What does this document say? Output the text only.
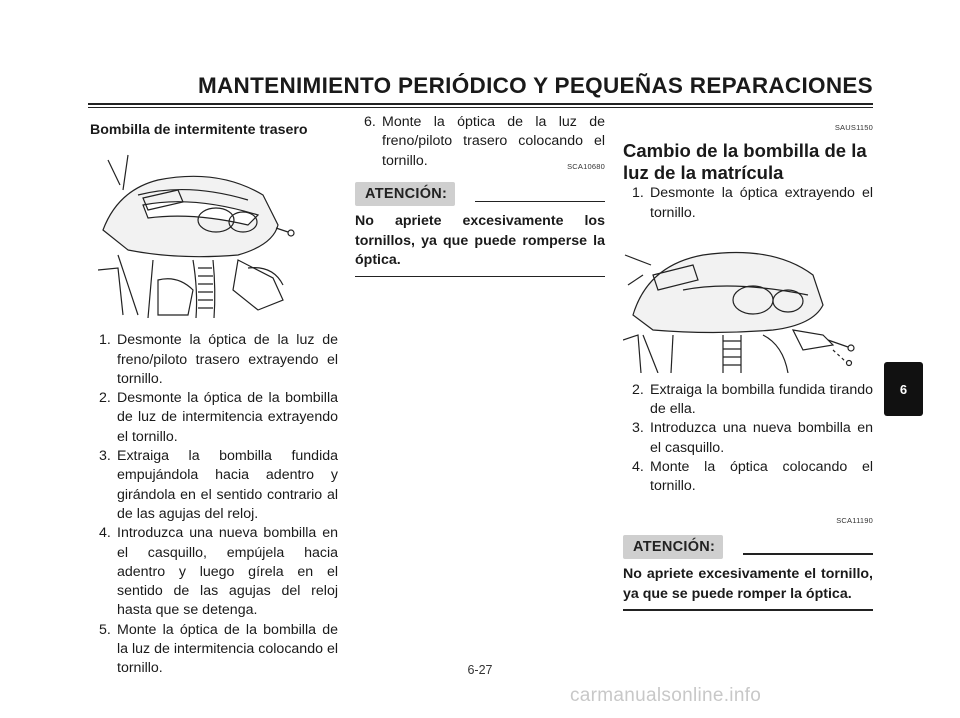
MANTENIMIENTO PERIÓDICO Y PEQUEÑAS REPARACIONES
Bombilla de intermitente trasero
1. Desmonte la óptica de la luz de freno/piloto trasero extrayendo el tornillo.
2. Desmonte la óptica de la bombilla de luz de intermitencia extrayendo el tornillo.
3. Extraiga la bombilla fundida empujándola hacia adentro y girándola en el sentido contrario al de las agujas del reloj.
4. Introduzca una nueva bombilla en el casquillo, empújela hacia adentro y luego gírela en el sentido de las agujas del reloj hasta que se detenga.
5. Monte la óptica de la bombilla de la luz de intermitencia colocando el tornillo.
6. Monte la óptica de la luz de freno/piloto trasero colocando el tornillo.	SCA10680
ATENCIÓN:
No apriete excesivamente los tornillos, ya que puede romperse la óptica.
SAUS1150
Cambio de la bombilla de la luz de la matrícula
1. Desmonte la óptica extrayendo el tornillo.
2. Extraiga la bombilla fundida tirando de ella.
3. Introduzca una nueva bombilla en el casquillo.
4. Monte la óptica colocando el tornillo.
SCA11190
ATENCIÓN:
No apriete excesivamente el tornillo, ya que se puede romper la óptica.
6
6-27
carmanualsonline.info
